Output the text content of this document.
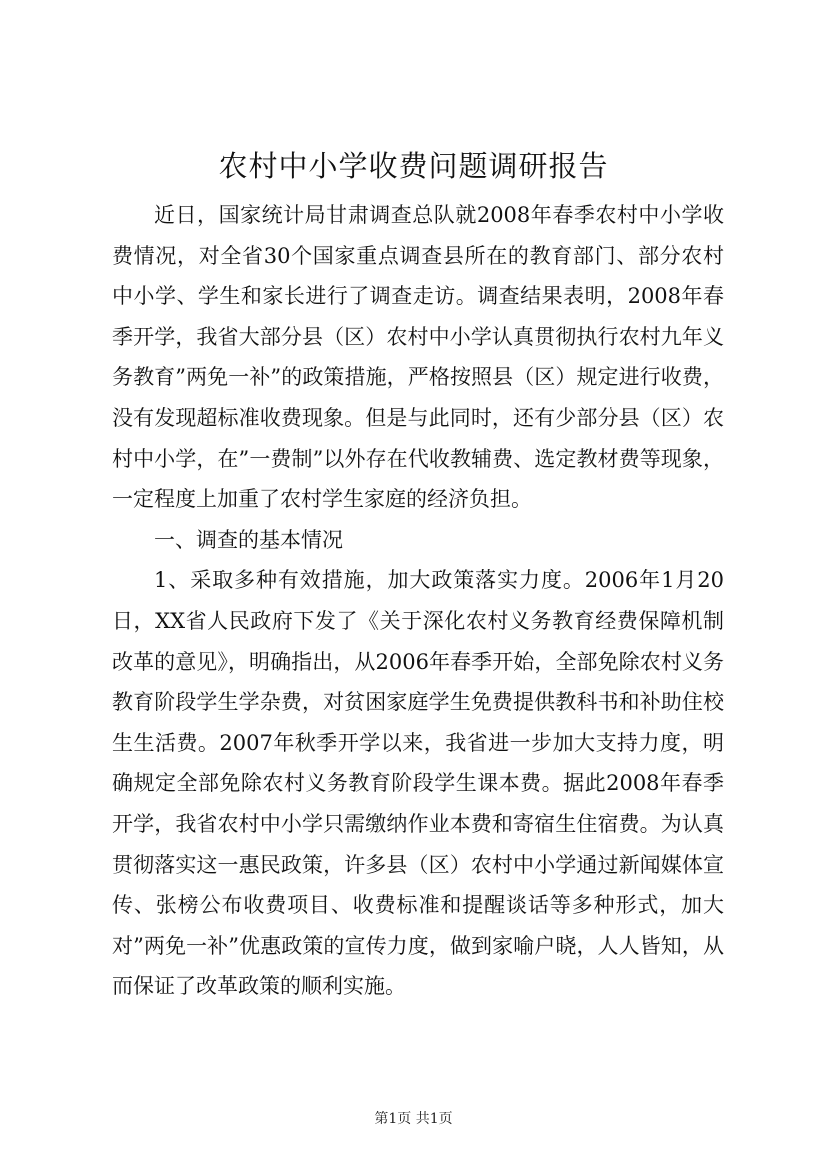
农村中小学收费问题调研报告

近日，国家统计局甘肃调查总队就2008年春季农村中小学收费情况，对全省30个国家重点调查县所在的教育部门、部分农村中小学、学生和家长进行了调查走访。调查结果表明，2008年春季开学，我省大部分县（区）农村中小学认真贯彻执行农村九年义务教育”两免一补”的政策措施，严格按照县（区）规定进行收费，没有发现超标准收费现象。但是与此同时，还有少部分县（区）农村中小学，在”一费制”以外存在代收教辅费、选定教材费等现象，一定程度上加重了农村学生家庭的经济负担。

一、调查的基本情况

1、采取多种有效措施，加大政策落实力度。2006年1月20日，XX省人民政府下发了《关于深化农村义务教育经费保障机制改革的意见》，明确指出，从2006年春季开始，全部免除农村义务教育阶段学生学杂费，对贫困家庭学生免费提供教科书和补助住校生生活费。2007年秋季开学以来，我省进一步加大支持力度，明确规定全部免除农村义务教育阶段学生课本费。据此2008年春季开学，我省农村中小学只需缴纳作业本费和寄宿生住宿费。为认真贯彻落实这一惠民政策，许多县（区）农村中小学通过新闻媒体宣传、张榜公布收费项目、收费标准和提醒谈话等多种形式，加大对”两免一补”优惠政策的宣传力度，做到家喻户晓，人人皆知，从而保证了改革政策的顺利实施。

第1页 共1页
